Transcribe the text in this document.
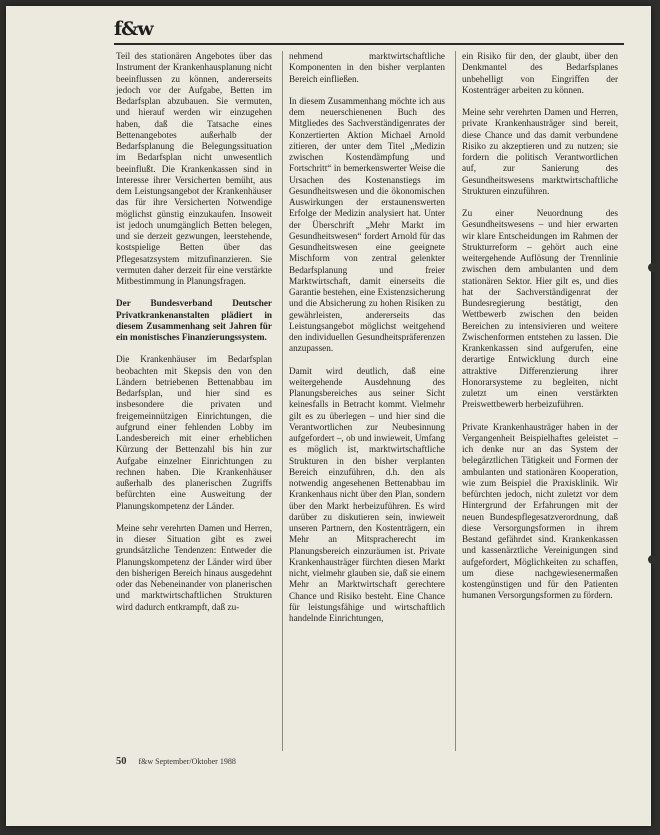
f&w

Teil des stationären Angebotes über das Instrument der Krankenhausplanung nicht beeinflussen zu können, andererseits jedoch vor der Aufgabe, Betten im Bedarfsplan abzubauen. Sie vermuten, und hierauf werden wir einzugehen haben, daß die Tatsache eines Bettenangebotes außerhalb der Bedarfsplanung die Belegungssituation im Bedarfsplan nicht unwesentlich beeinflußt. Die Krankenkassen sind in Interesse ihrer Versicherten bemüht, aus dem Leistungsangebot der Krankenhäuser das für ihre Versicherten Notwendige möglichst günstig einzukaufen. Insoweit ist jedoch unumgänglich Betten belegen, und sie derzeit gezwungen, leerstehende, kostspielige Betten über das Pflegesatzsystem mitzufinanzieren. Sie vermuten daher derzeit für eine verstärkte Mitbestimmung in Planungsfragen.

Der Bundesverband Deutscher Privatkrankenanstalten plädiert in diesem Zusammenhang seit Jahren für ein monistisches Finanzierungssystem.

Die Krankenhäuser im Bedarfsplan beobachten mit Skepsis den von den Ländern betriebenen Bettenabbau im Bedarfsplan, und hier sind es insbesondere die privaten und freigemeinnützigen Einrichtungen, die aufgrund einer fehlenden Lobby im Landesbereich mit einer erheblichen Kürzung der Bettenzahl bis hin zur Aufgabe einzelner Einrichtungen zu rechnen haben. Die Krankenhäuser außerhalb des planerischen Zugriffs befürchten eine Ausweitung der Planungskompetenz der Länder.

Meine sehr verehrten Damen und Herren, in dieser Situation gibt es zwei grundsätzliche Tendenzen: Entweder die Planungskompetenz der Länder wird über den bisherigen Bereich hinaus ausgedehnt oder das Nebeneinander von planerischen und marktwirtschaftlichen Strukturen wird dadurch entkrampft, daß zu-

nehmend marktwirtschaftliche Komponenten in den bisher verplanten Bereich einfließen.

In diesem Zusammenhang möchte ich aus dem neuerschienenen Buch des Mitgliedes des Sachverständigenrates der Konzertierten Aktion Michael Arnold zitieren, der unter dem Titel „Medizin zwischen Kostendämpfung und Fortschritt“ in bemerkenswerter Weise die Ursachen des Kostenanstiegs im Gesundheitswesen und die ökonomischen Auswirkungen der erstaunenswerten Erfolge der Medizin analysiert hat. Unter der Überschrift „Mehr Markt im Gesundheitswesen“ fordert Arnold für das Gesundheitswesen eine geeignete Mischform von zentral gelenkter Bedarfsplanung und freier Marktwirtschaft, damit einerseits die Garantie bestehen, eine Existenzsicherung und die Absicherung zu hohen Risiken zu gewährleisten, andererseits das Leistungsangebot möglichst weitgehend den individuellen Gesundheitspräferenzen anzupassen.

Damit wird deutlich, daß eine weitergehende Ausdehnung des Planungsbereiches aus seiner Sicht keinesfalls in Betracht kommt. Vielmehr gilt es zu überlegen – und hier sind die Verantwortlichen zur Neubesinnung aufgefordert –, ob und inwieweit, Umfang es möglich ist, marktwirtschaftliche Strukturen in den bisher verplanten Bereich einzuführen, d.h. den als notwendig angesehenen Bettenabbau im Krankenhaus nicht über den Plan, sondern über den Markt herbeizuführen. Es wird darüber zu diskutieren sein, inwieweit unseren Partnern, den Kostenträgern, ein Mehr an Mitspracherecht im Planungsbereich einzuräumen ist. Private Krankenhausträger fürchten diesen Markt nicht, vielmehr glauben sie, daß sie einem Mehr an Marktwirtschaft gerechtere Chance und Risiko besteht. Eine Chance für leistungsfähige und wirtschaftlich handelnde Einrichtungen,

ein Risiko für den, der glaubt, über den Denkmantel des Bedarfsplanes unbehelligt von Eingriffen der Kostenträger arbeiten zu können.

Meine sehr verehrten Damen und Herren, private Krankenhausträger sind bereit, diese Chance und das damit verbundene Risiko zu akzeptieren und zu nutzen; sie fordern die politisch Verantwortlichen auf, zur Sanierung des Gesundheitswesens marktwirtschaftliche Strukturen einzuführen.

Zu einer Neuordnung des Gesundheitswesens – und hier erwarten wir klare Entscheidungen im Rahmen der Strukturreform – gehört auch eine weitergehende Auflösung der Trennlinie zwischen dem ambulanten und dem stationären Sektor. Hier gilt es, und dies hat der Sachverständigenrat der Bundesregierung bestätigt, den Wettbewerb zwischen den beiden Bereichen zu intensivieren und weitere Zwischenformen entstehen zu lassen. Die Krankenkassen sind aufgerufen, eine derartige Entwicklung durch eine attraktive Differenzierung ihrer Honorarsysteme zu begleiten, nicht zuletzt um einen verstärkten Preiswettbewerb herbeizuführen.

Private Krankenhausträger haben in der Vergangenheit Beispielhaftes geleistet – ich denke nur an das System der belegärztlichen Tätigkeit und Formen der ambulanten und stationären Kooperation, wie zum Beispiel die Praxisklinik. Wir befürchten jedoch, nicht zuletzt vor dem Hintergrund der Erfahrungen mit der neuen Bundespflegesatzverordnung, daß diese Versorgungsformen in ihrem Bestand gefährdet sind. Krankenkassen und kassenärztliche Vereinigungen sind aufgefordert, Möglichkeiten zu schaffen, um diese nachgewiesenermaßen kostengünstigen und für den Patienten humanen Versorgungsformen zu fördern.

50 f&w September/Oktober 1988
